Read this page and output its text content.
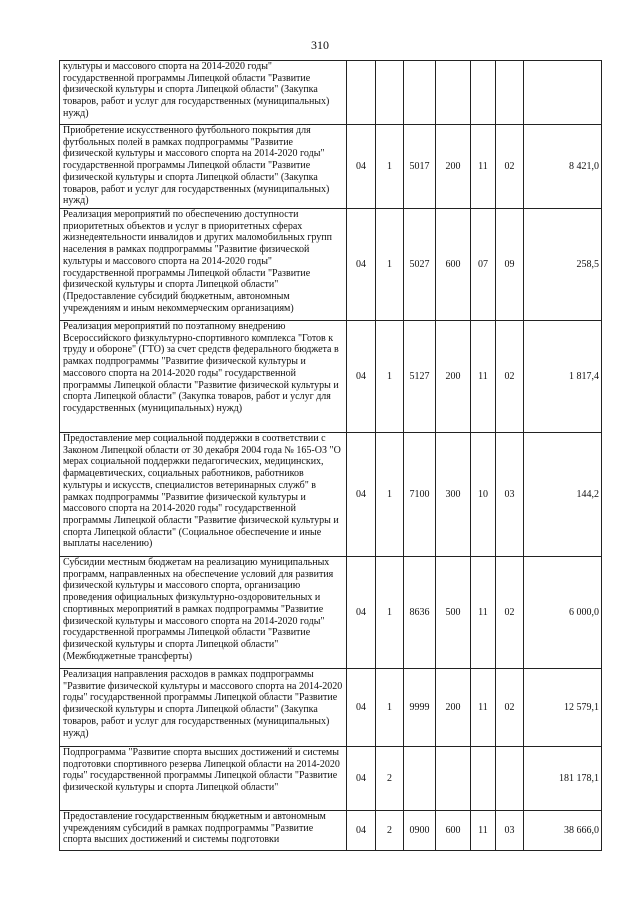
310
культуры и массового спорта на 2014-2020 годы" государственной программы Липецкой области "Развитие физической культуры и спорта Липецкой области" (Закупка товаров, работ и услуг для государственных (муниципальных) нужд)							

Приобретение искусственного футбольного покрытия для футбольных полей в рамках подпрограммы "Развитие физической культуры и массового спорта на 2014-2020 годы" государственной программы Липецкой области "Развитие физической культуры и спорта Липецкой области" (Закупка товаров, работ и услуг для государственных (муниципальных) нужд)	04	1	5017	200	11	02	8 421,0

Реализация мероприятий по обеспечению доступности приоритетных объектов и услуг в приоритетных сферах жизнедеятельности инвалидов и других маломобильных групп населения в рамках подпрограммы "Развитие физической культуры и массового спорта на 2014-2020 годы" государственной программы Липецкой области "Развитие физической культуры и спорта Липецкой области" (Предоставление субсидий бюджетным, автономным учреждениям и иным некоммерческим организациям)	04	1	5027	600	07	09	258,5

Реализация мероприятий по поэтапному внедрению Всероссийского физкультурно-спортивного комплекса "Готов к труду и обороне" (ГТО) за счет средств федерального бюджета в рамках подпрограммы "Развитие физической культуры и массового спорта на 2014-2020 годы" государственной программы Липецкой области "Развитие физической культуры и спорта Липецкой области" (Закупка товаров, работ и услуг для государственных (муниципальных) нужд)	04	1	5127	200	11	02	1 817,4

Предоставление мер социальной поддержки в соответствии с Законом Липецкой области от 30 декабря 2004 года № 165-ОЗ "О мерах социальной поддержки педагогических, медицинских, фармацевтических, социальных работников, работников культуры и искусств, специалистов ветеринарных служб" в рамках подпрограммы "Развитие физической культуры и массового спорта на 2014-2020 годы" государственной программы Липецкой области "Развитие физической культуры и спорта Липецкой области" (Социальное обеспечение и иные выплаты населению)	04	1	7100	300	10	03	144,2

Субсидии местным бюджетам на реализацию муниципальных программ, направленных на обеспечение условий для развития физической культуры и массового спорта, организацию проведения официальных физкультурно-оздоровительных и спортивных мероприятий в рамках подпрограммы "Развитие физической культуры и массового спорта на 2014-2020 годы" государственной программы Липецкой области "Развитие физической культуры и спорта Липецкой области" (Межбюджетные трансферты)	04	1	8636	500	11	02	6 000,0

Реализация направления расходов в рамках подпрограммы "Развитие физической культуры и массового спорта на 2014-2020 годы" государственной программы Липецкой области "Развитие физической культуры и спорта Липецкой области" (Закупка товаров, работ и услуг для государственных (муниципальных) нужд)	04	1	9999	200	11	02	12 579,1

Подпрограмма "Развитие спорта высших достижений и системы подготовки спортивного резерва Липецкой области на 2014-2020 годы" государственной программы Липецкой области "Развитие физической культуры и спорта Липецкой области"	04	2					181 178,1

Предоставление государственным бюджетным и автономным учреждениям субсидий в рамках подпрограммы "Развитие спорта высших достижений и системы подготовки	04	2	0900	600	11	03	38 666,0
